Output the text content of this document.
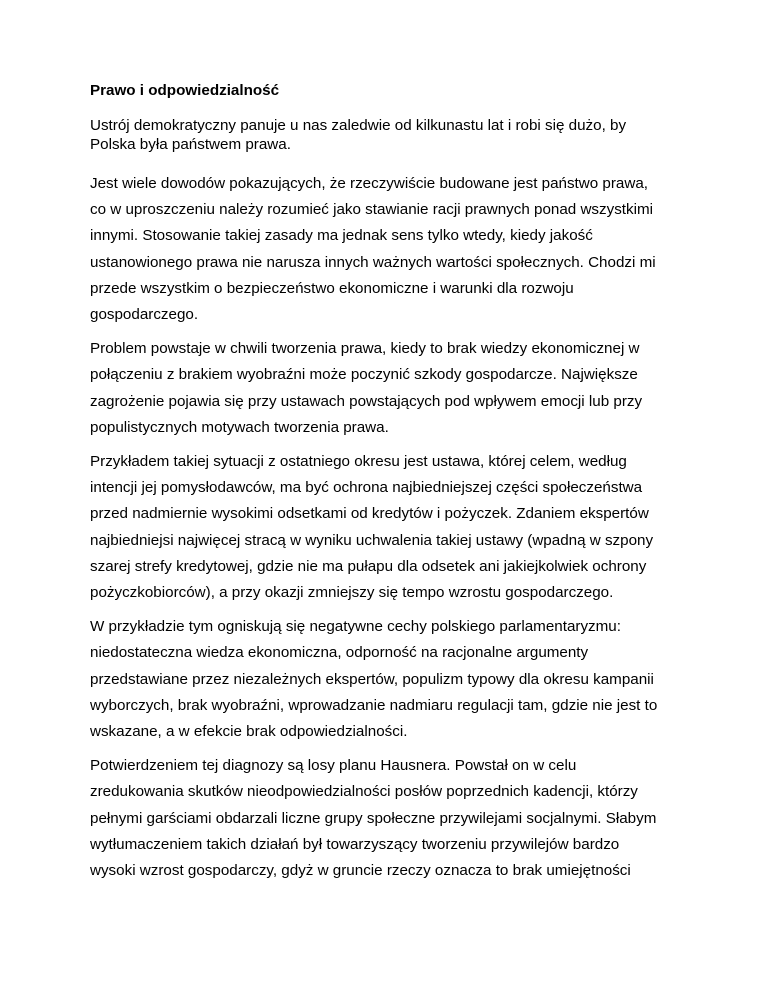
Prawo i odpowiedzialność
Ustrój demokratyczny panuje u nas zaledwie od kilkunastu lat i robi się dużo, by
Polska była państwem prawa.
Jest wiele dowodów pokazujących, że rzeczywiście budowane jest państwo prawa,
co w uproszczeniu należy rozumieć jako stawianie racji prawnych ponad wszystkimi
innymi. Stosowanie takiej zasady ma jednak sens tylko wtedy, kiedy jakość
ustanowionego prawa nie narusza innych ważnych wartości społecznych. Chodzi mi
przede wszystkim o bezpieczeństwo ekonomiczne i warunki dla rozwoju
gospodarczego.
Problem powstaje w chwili tworzenia prawa, kiedy to brak wiedzy ekonomicznej w
połączeniu z brakiem wyobraźni może poczynić szkody gospodarcze. Największe
zagrożenie pojawia się przy ustawach powstających pod wpływem emocji lub przy
populistycznych motywach tworzenia prawa.
Przykładem takiej sytuacji z ostatniego okresu jest ustawa, której celem, według
intencji jej pomysłodawców, ma być ochrona najbiedniejszej części społeczeństwa
przed nadmiernie wysokimi odsetkami od kredytów i pożyczek. Zdaniem ekspertów
najbiedniejsi najwięcej stracą w wyniku uchwalenia takiej ustawy (wpadną w szpony
szarej strefy kredytowej, gdzie nie ma pułapu dla odsetek ani jakiejkolwiek ochrony
pożyczkobiorców), a przy okazji zmniejszy się tempo wzrostu gospodarczego.
W przykładzie tym ogniskują się negatywne cechy polskiego parlamentaryzmu:
niedostateczna wiedza ekonomiczna, odporność na racjonalne argumenty
przedstawiane przez niezależnych ekspertów, populizm typowy dla okresu kampanii
wyborczych, brak wyobraźni, wprowadzanie nadmiaru regulacji tam, gdzie nie jest to
wskazane, a w efekcie brak odpowiedzialności.
Potwierdzeniem tej diagnozy są losy planu Hausnera. Powstał on w celu
zredukowania skutków nieodpowiedzialności posłów poprzednich kadencji, którzy
pełnymi garściami obdarzali liczne grupy społeczne przywilejami socjalnymi. Słabym
wytłumaczeniem takich działań był towarzyszący tworzeniu przywilejów bardzo
wysoki wzrost gospodarczy, gdyż w gruncie rzeczy oznacza to brak umiejętności
